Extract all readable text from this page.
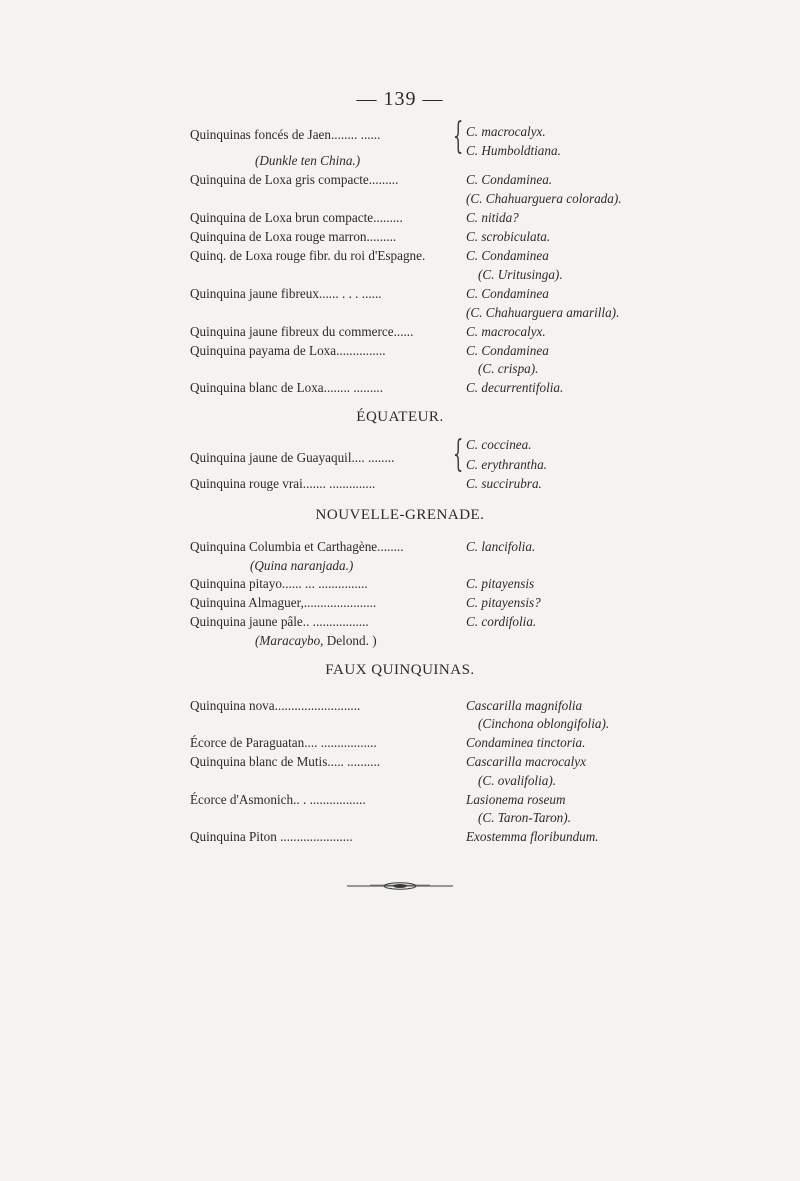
— 139 —
Quinquinas foncés de Jaen........ ...... { C. macrocalyx.
C. Humboldtiana.
(Dunkle ten China.)
Quinquina de Loxa gris compacte.........	C. Condaminea.
(C. Chahuarguera colorada).
Quinquina de Loxa brun compacte.........	C. nitida?
Quinquina de Loxa rouge marron.........	C. scrobiculata.
Quinq. de Loxa rouge fibr. du roi d'Espagne.	C. Condaminea
(C. Uritusinga).
Quinquina jaune fibreux...... . . . ......	C. Condaminea
(C. Chahuarguera amarilla).
Quinquina jaune fibreux du commerce......	C. macrocalyx.
Quinquina payama de Loxa...............	C. Condaminea
(C. crispa).
Quinquina blanc de Loxa........ .........	C. decurrentifolia.
ÉQUATEUR.
Quinquina jaune de Guayaquil.... ........ { C. coccinea.
C. erythrantha.
Quinquina rouge vrai....... ..............	C. succirubra.
NOUVELLE-GRENADE.
Quinquina Columbia et Carthagène........	C. lancifolia.
(Quina naranjada.)
Quinquina pitayo...... ... ...............	C. pitayensis
Quinquina Almaguer,......................	C. pitayensis?
Quinquina jaune pâle.. .................	C. cordifolia.
(Maracaybo, Delond. )
FAUX QUINQUINAS.
Quinquina nova..........................	Cascarilla magnifolia
(Cinchona oblongifolia).
Écorce de Paraguatan.... .................	Condaminea tinctoria.
Quinquina blanc de Mutis..... ..........	Cascarilla macrocalyx
(C. ovalifolia).
Écorce d'Asmonich.. . .................	Lasionema roseum
(C. Taron-Taron).
Quinquina Piton ......................	Exostemma floribundum.
